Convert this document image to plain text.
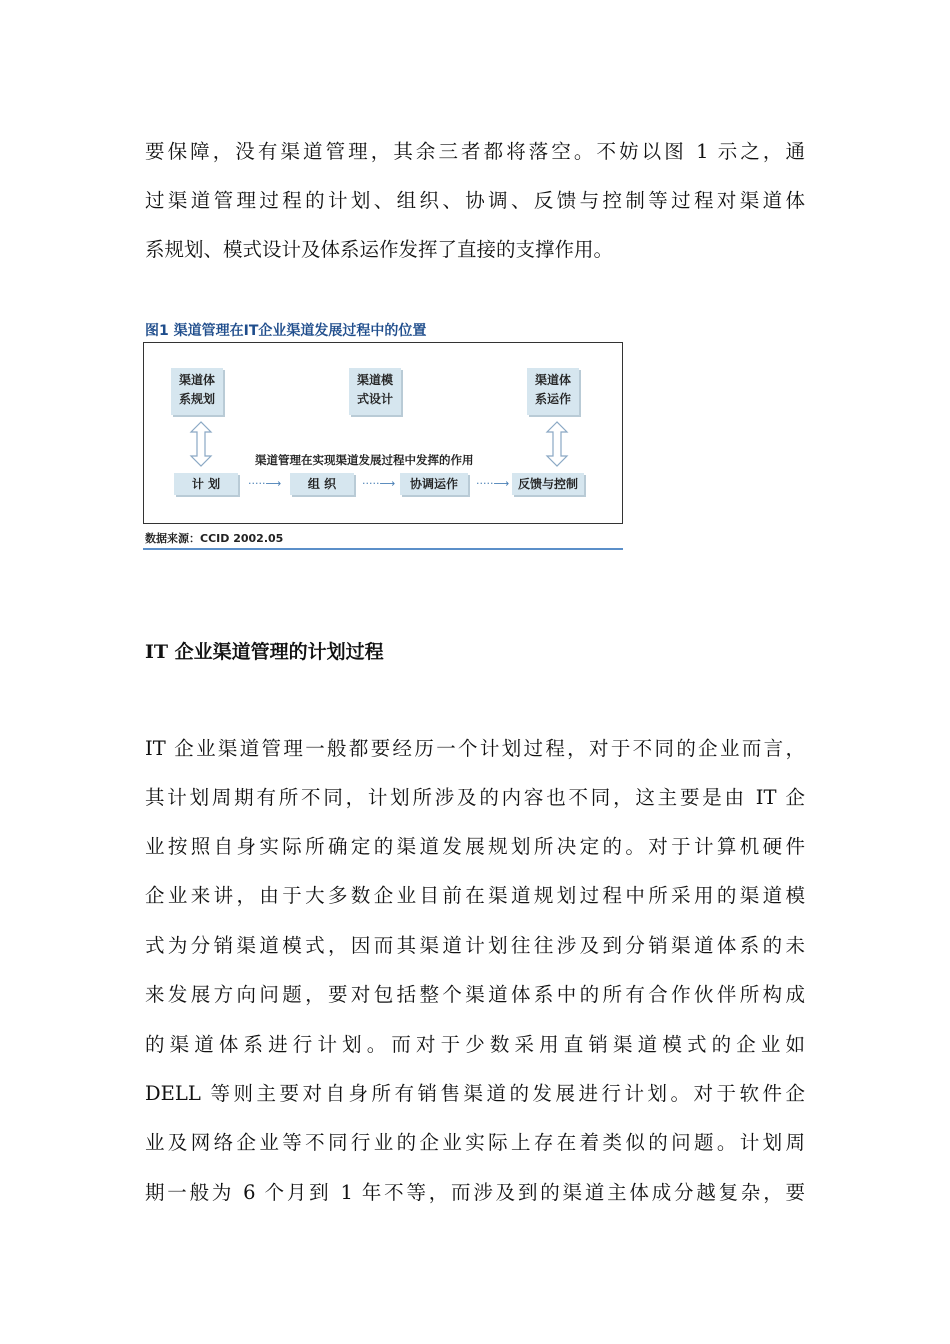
要保障，没有渠道管理，其余三者都将落空。不妨以图 1 示之，通
过渠道管理过程的计划、组织、协调、反馈与控制等过程对渠道体
系规划、模式设计及体系运作发挥了直接的支撑作用。
图1 渠道管理在IT企业渠道发展过程中的位置
渠道体
系规划
渠道模
式设计
渠道体
系运作
渠道管理在实现渠道发展过程中发挥的作用
计 划	·····⟶	组 织	·····⟶	协调运作	·····⟶ 反馈与控制
数据来源：CCID 2002.05
IT 企业渠道管理的计划过程
IT 企业渠道管理一般都要经历一个计划过程，对于不同的企业而言，
其计划周期有所不同，计划所涉及的内容也不同，这主要是由 IT 企
业按照自身实际所确定的渠道发展规划所决定的。对于计算机硬件
企业来讲，由于大多数企业目前在渠道规划过程中所采用的渠道模
式为分销渠道模式，因而其渠道计划往往涉及到分销渠道体系的未
来发展方向问题，要对包括整个渠道体系中的所有合作伙伴所构成
的渠道体系进行计划。而对于少数采用直销渠道模式的企业如
DELL 等则主要对自身所有销售渠道的发展进行计划。对于软件企
业及网络企业等不同行业的企业实际上存在着类似的问题。计划周
期一般为 6 个月到 1 年不等，而涉及到的渠道主体成分越复杂，要
